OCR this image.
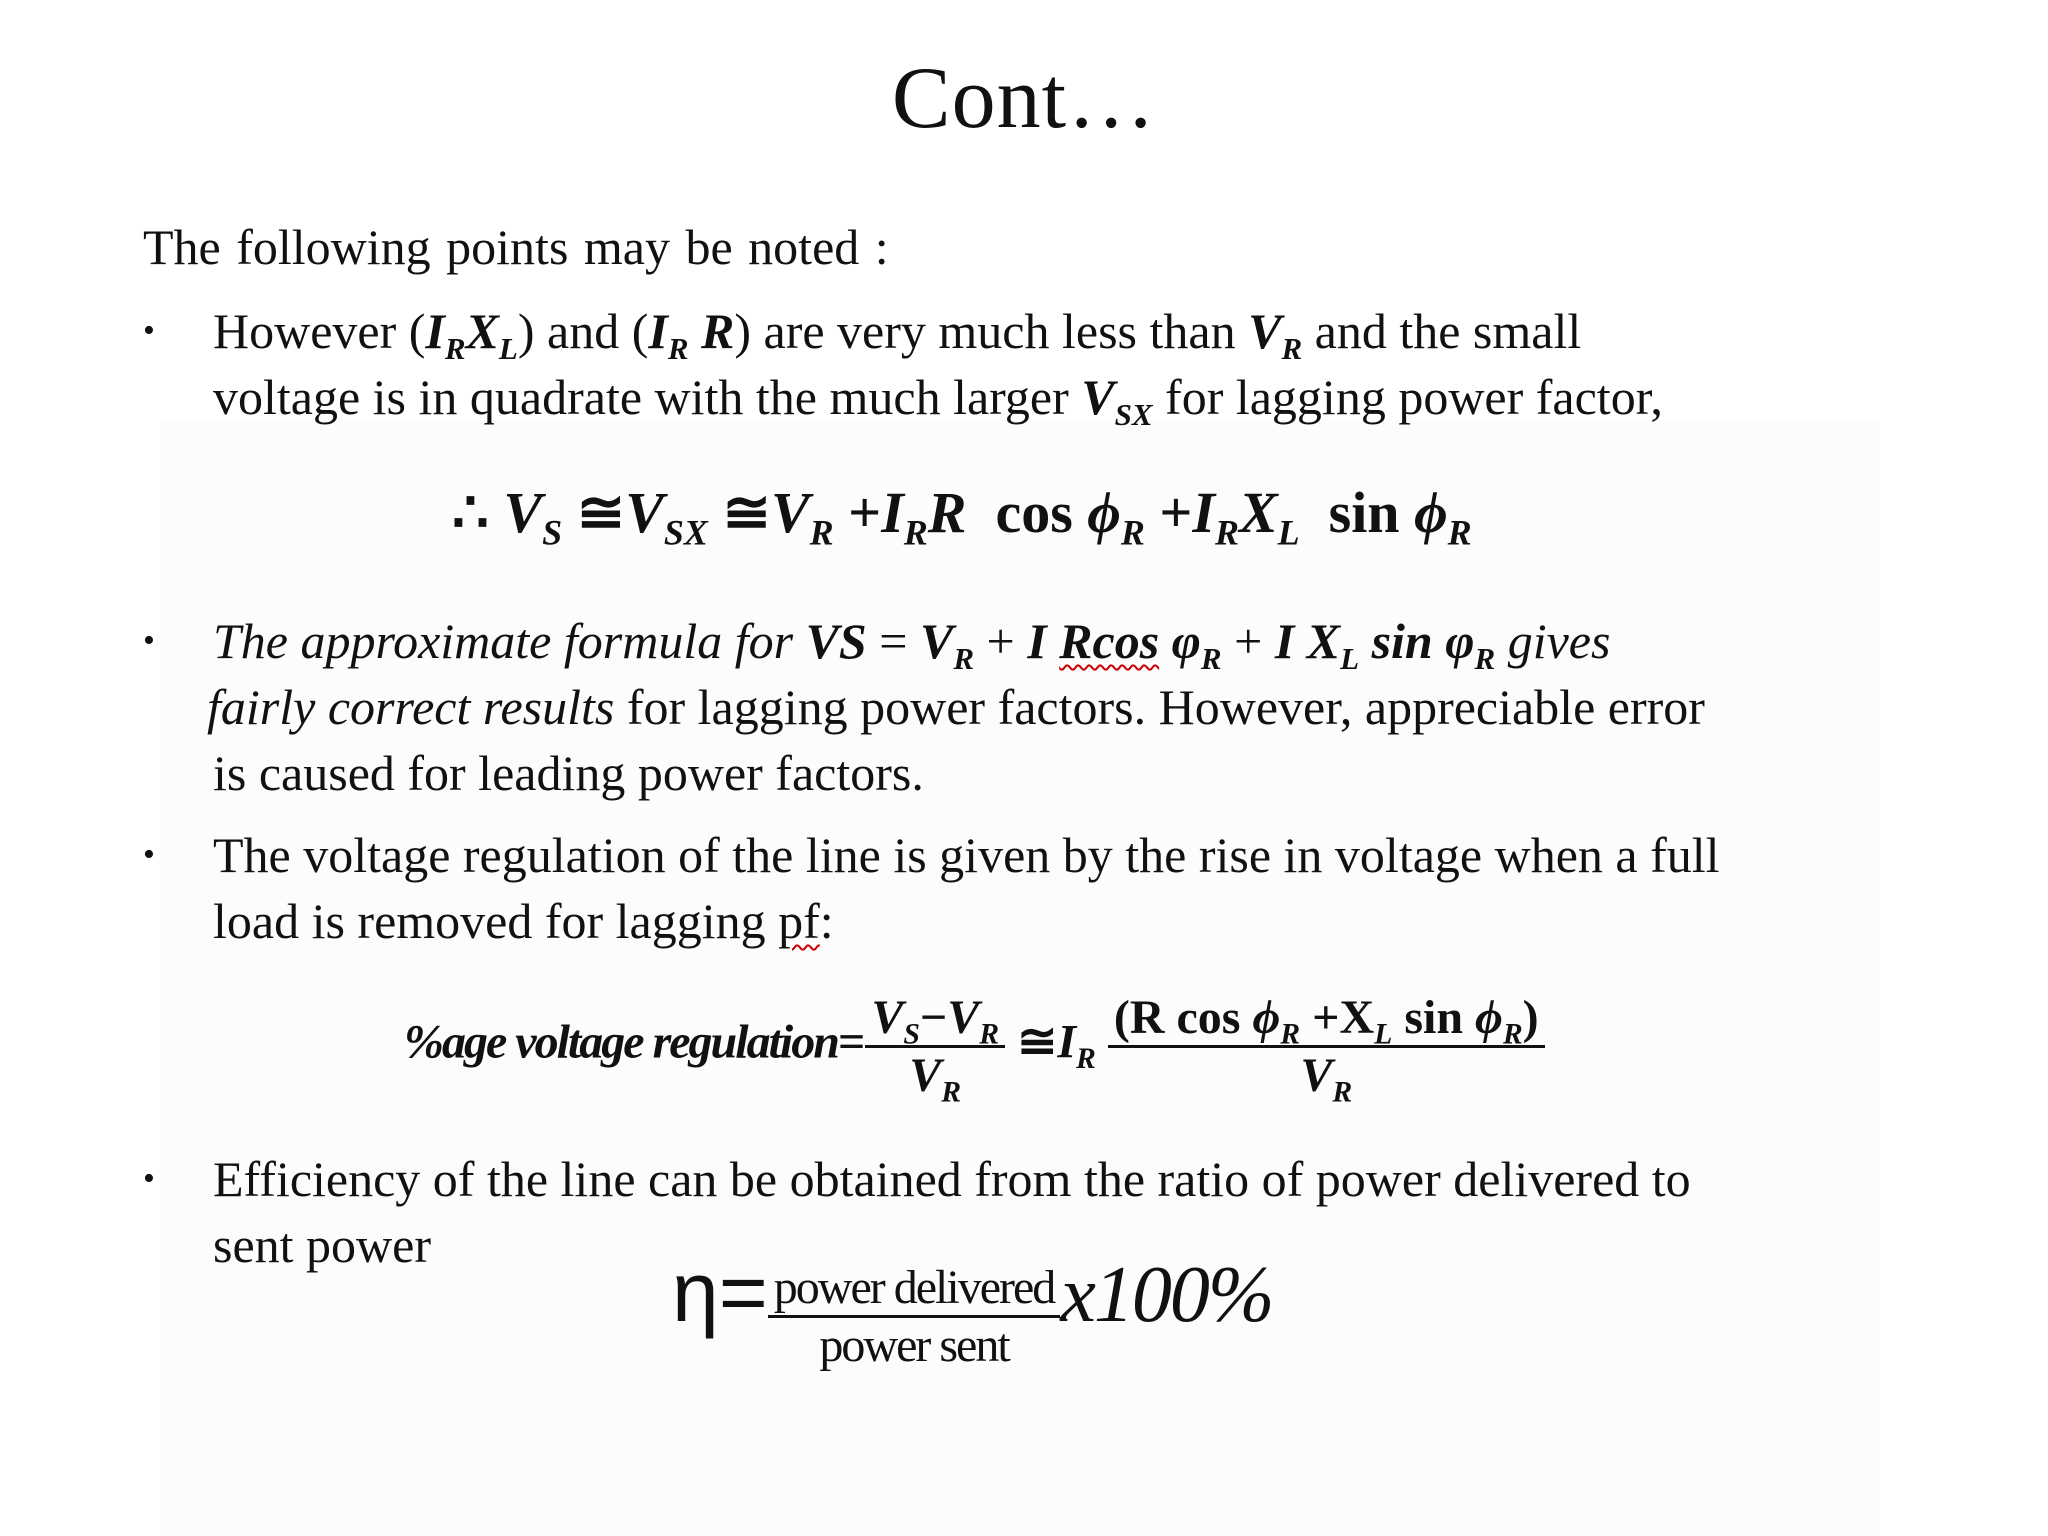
Cont…
The following points may be noted :
•	However $(I_RX_L)$ and ($I_R$ R) are very much less than $V_R$ and the small
voltage is in quadrate with the much larger $V_{SX}$ for lagging power factor,
∴ $V_S$ $≅V_{SX}$ $≅V_R +I_RR$ $\cos \phi_R +I_RX_L$ $\sin \phi_R$
•	The approximate formula for VS = $V_R + I$ Rcos $\varphi_R + I$ $X_L$ $\sin \varphi_R$ gives
fairly correct results for lagging power factors. However, appreciable error
is caused for leading power factors.
•	The voltage regulation of the line is given by the rise in voltage when a full
load is removed for lagging pf:
%age voltage regulation= $\frac{V_S-V_R}{V_R}$ $≅I_R \frac{(R \cos \phi_R +X_L \sin \phi_R)}{V_R}$
•	Efficiency of the line can be obtained from the ratio of power delivered to
sent power	$\eta= \frac{\text{power delivered}}{\text{power sent}} x100\%$
